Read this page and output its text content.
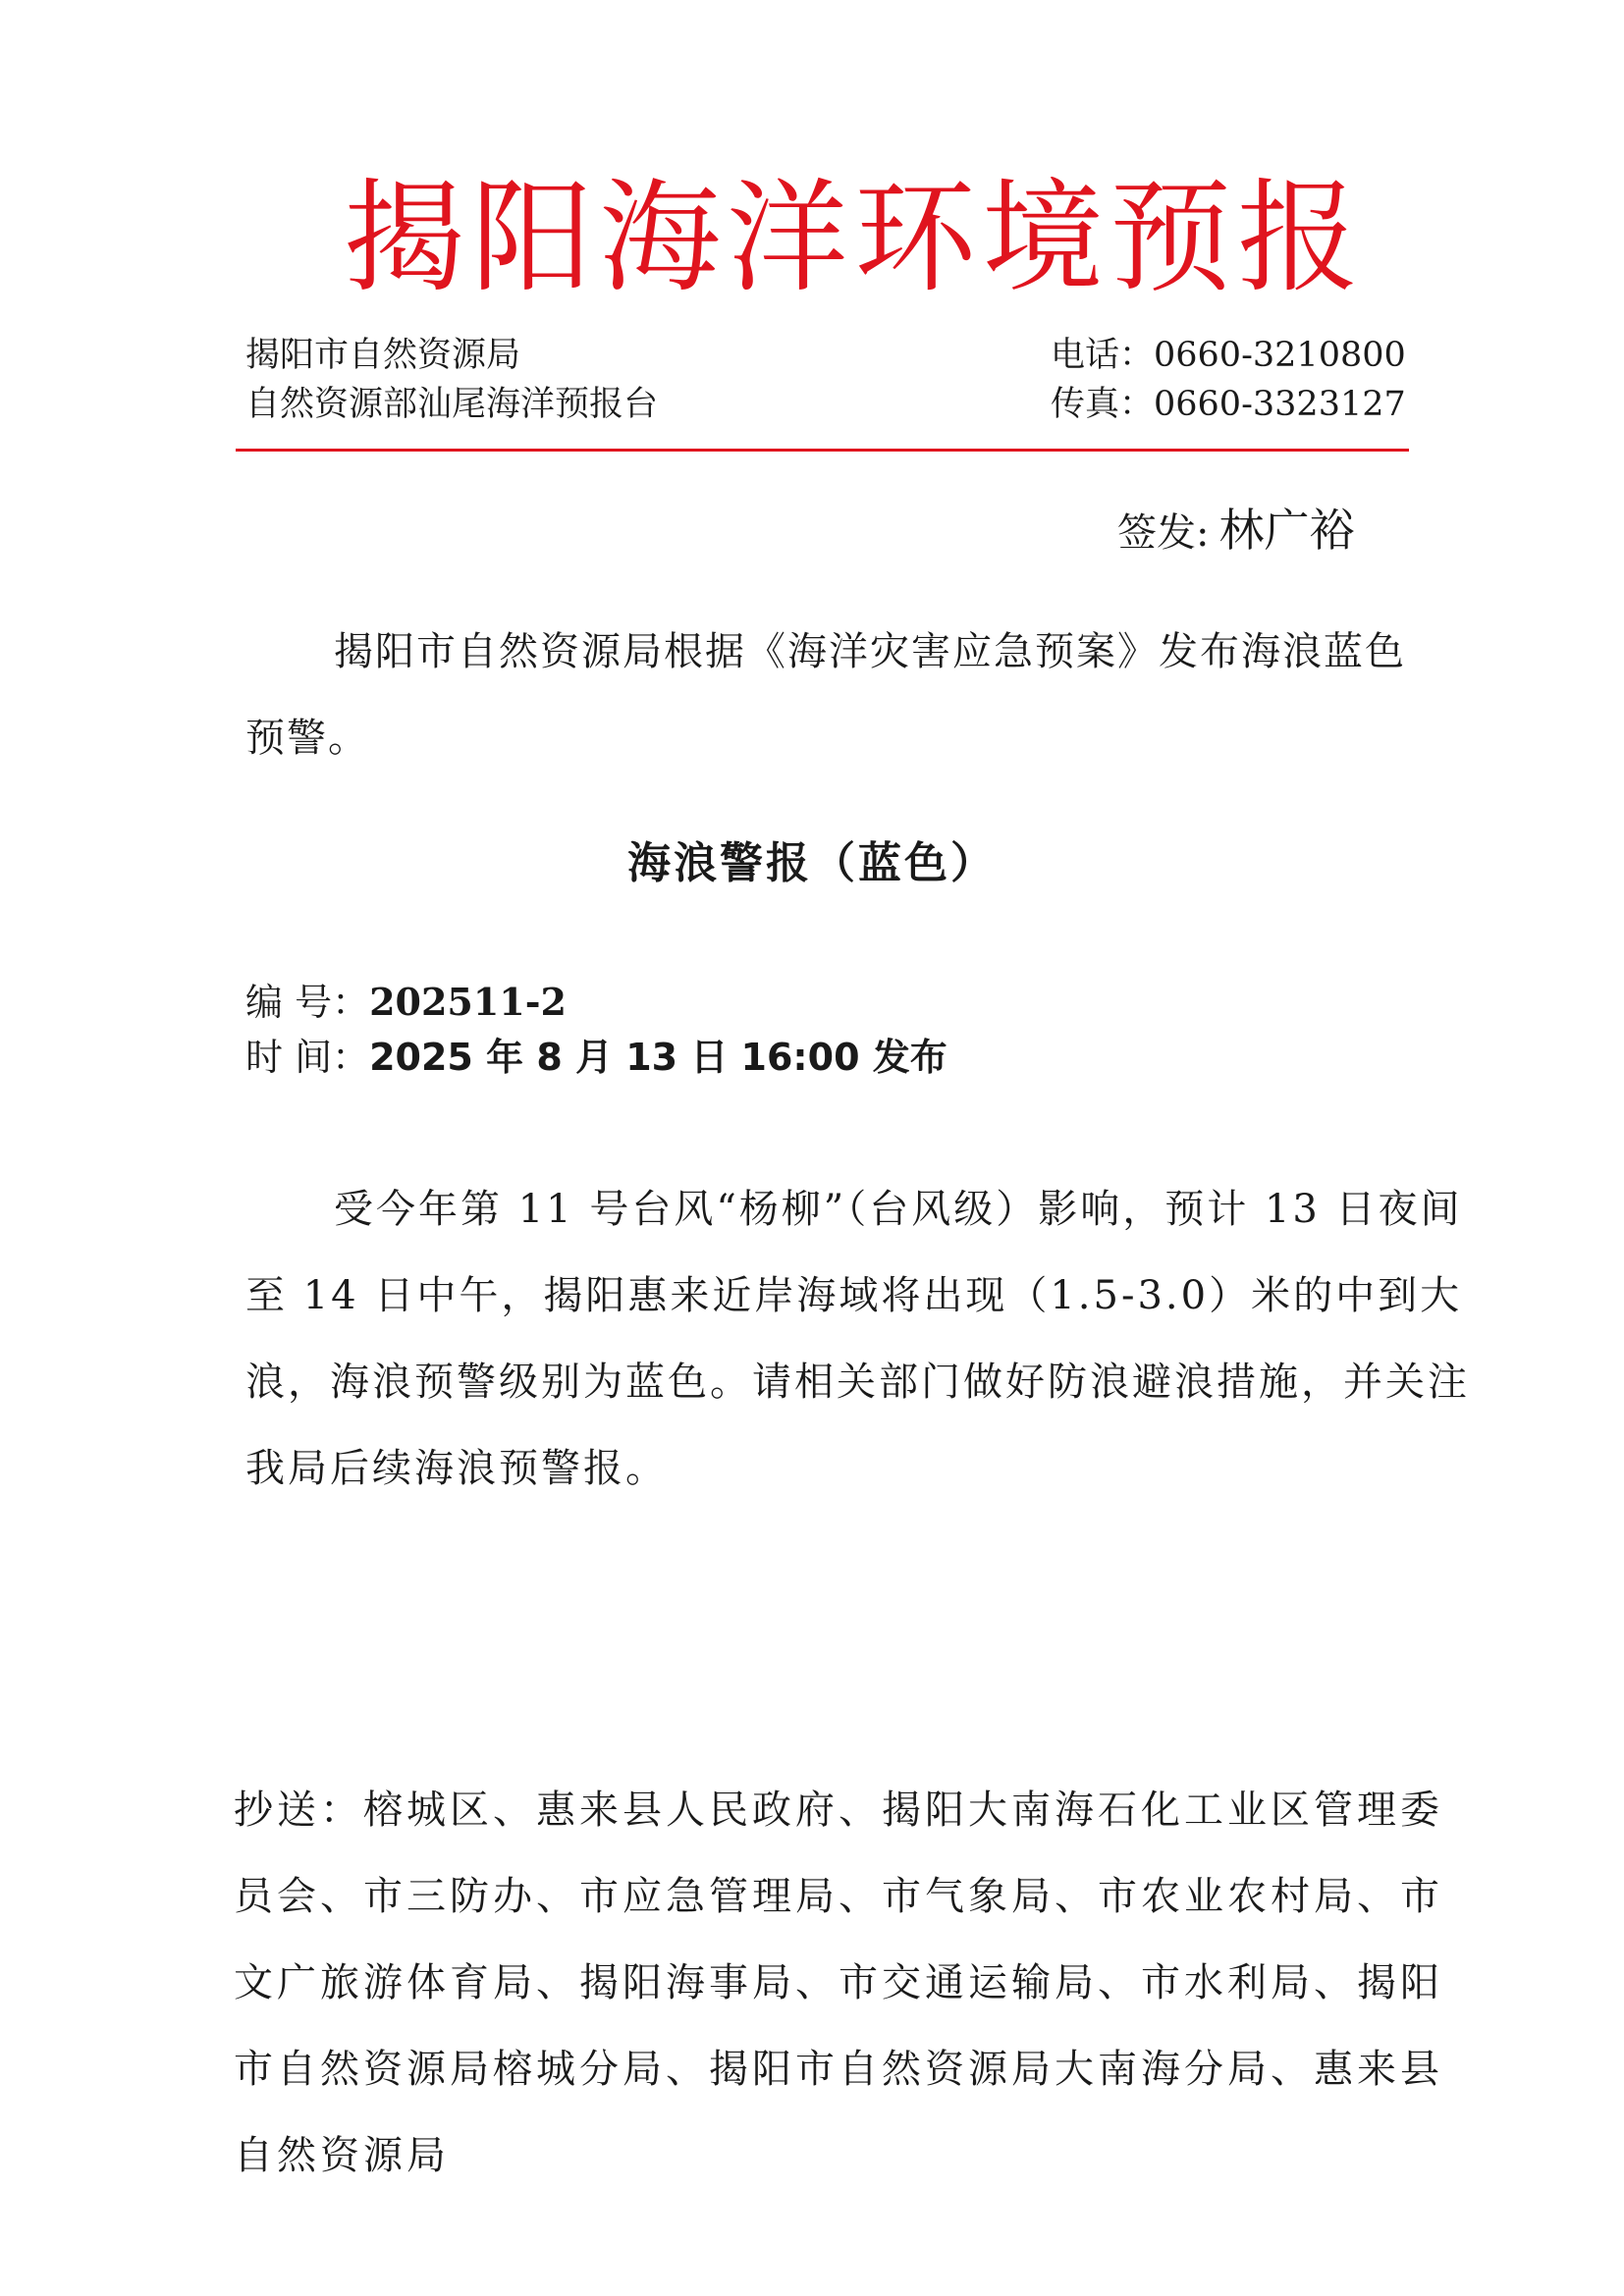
揭阳海洋环境预报
揭阳市自然资源局
自然资源部汕尾海洋预报台
电话：0660-3210800
传真：0660-3323127
签发: 林广裕
揭阳市自然资源局根据《海洋灾害应急预案》发布海浪蓝色预警。
海浪警报（蓝色）
编 号：202511-2
时 间：2025 年 8 月 13 日 16:00 发布
受今年第 11 号台风“杨柳”（台风级）影响，预计 13 日夜间至 14 日中午，揭阳惠来近岸海域将出现（1.5-3.0）米的中到大浪，海浪预警级别为蓝色。请相关部门做好防浪避浪措施，并关注我局后续海浪预警报。
抄送：榕城区、惠来县人民政府、揭阳大南海石化工业区管理委员会、市三防办、市应急管理局、市气象局、市农业农村局、市文广旅游体育局、揭阳海事局、市交通运输局、市水利局、揭阳市自然资源局榕城分局、揭阳市自然资源局大南海分局、惠来县自然资源局
